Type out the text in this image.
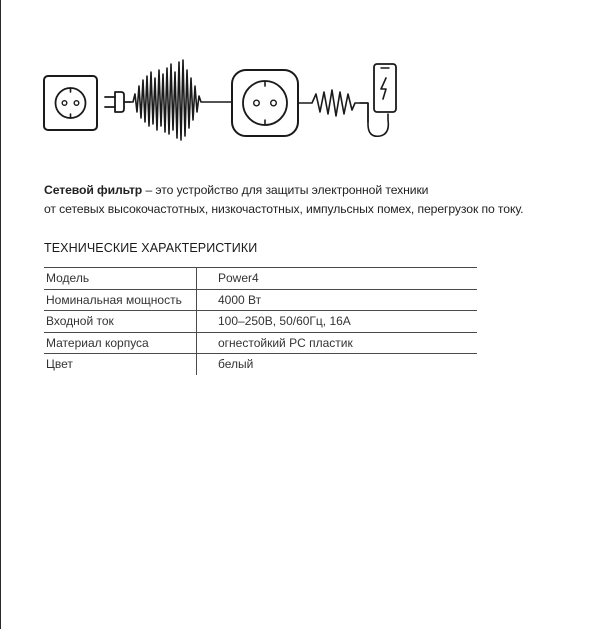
Сетевой фильтр – это устройство для защиты электронной техники
от сетевых высокочастотных, низкочастотных, импульсных помех, перегрузок по току.
ТЕХНИЧЕСКИЕ ХАРАКТЕРИСТИКИ
Модель	Power4
Номинальная мощность	4000 Вт
Входной ток	100–250В, 50/60Гц, 16А
Материал корпуса	огнестойкий PC пластик
Цвет	белый
